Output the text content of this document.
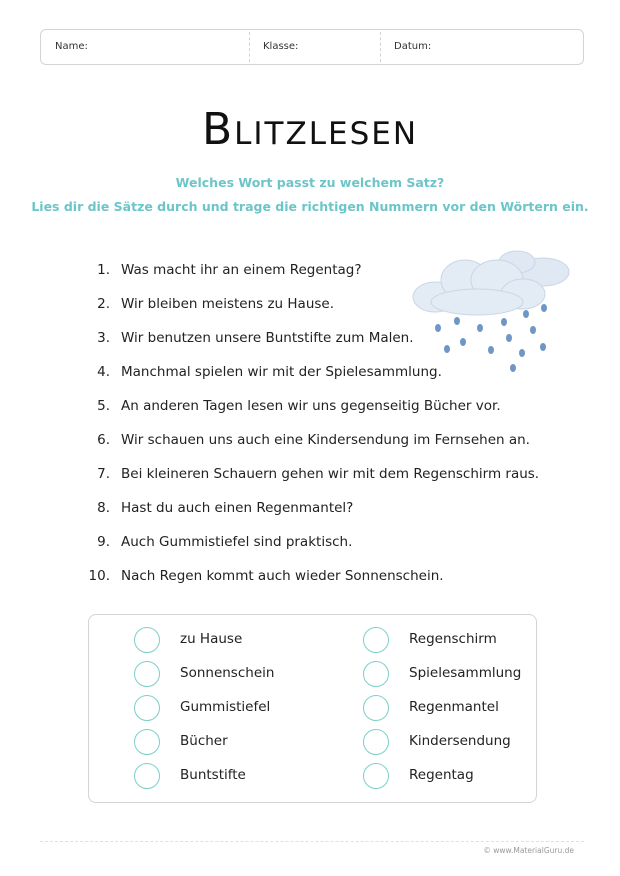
Name:	Klasse:	Datum:
Blitzlesen
Welches Wort passt zu welchem Satz?
Lies dir die Sätze durch und trage die richtigen Nummern vor den Wörtern ein.
1. Was macht ihr an einem Regentag?
2. Wir bleiben meistens zu Hause.
3. Wir benutzen unsere Buntstifte zum Malen.
4. Manchmal spielen wir mit der Spielesammlung.
5. An anderen Tagen lesen wir uns gegenseitig Bücher vor.
6. Wir schauen uns auch eine Kindersendung im Fernsehen an.
7. Bei kleineren Schauern gehen wir mit dem Regenschirm raus.
8. Hast du auch einen Regenmantel?
9. Auch Gummistiefel sind praktisch.
10. Nach Regen kommt auch wieder Sonnenschein.
zu Hause
Sonnenschein
Gummistiefel
Bücher
Buntstifte
Regenschirm
Spielesammlung
Regenmantel
Kindersendung
Regentag
© www.MaterialGuru.de
